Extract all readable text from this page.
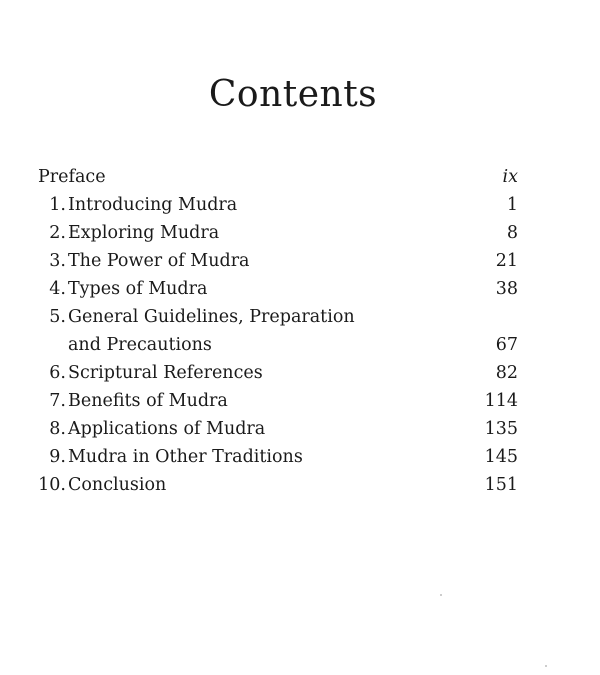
Contents
Preface	ix
1. Introducing Mudra	1
2. Exploring Mudra	8
3. The Power of Mudra	21
4. Types of Mudra	38
5. General Guidelines, Preparation
and Precautions	67
6. Scriptural References	82
7. Benefits of Mudra	114
8. Applications of Mudra	135
9. Mudra in Other Traditions	145
10. Conclusion	151
